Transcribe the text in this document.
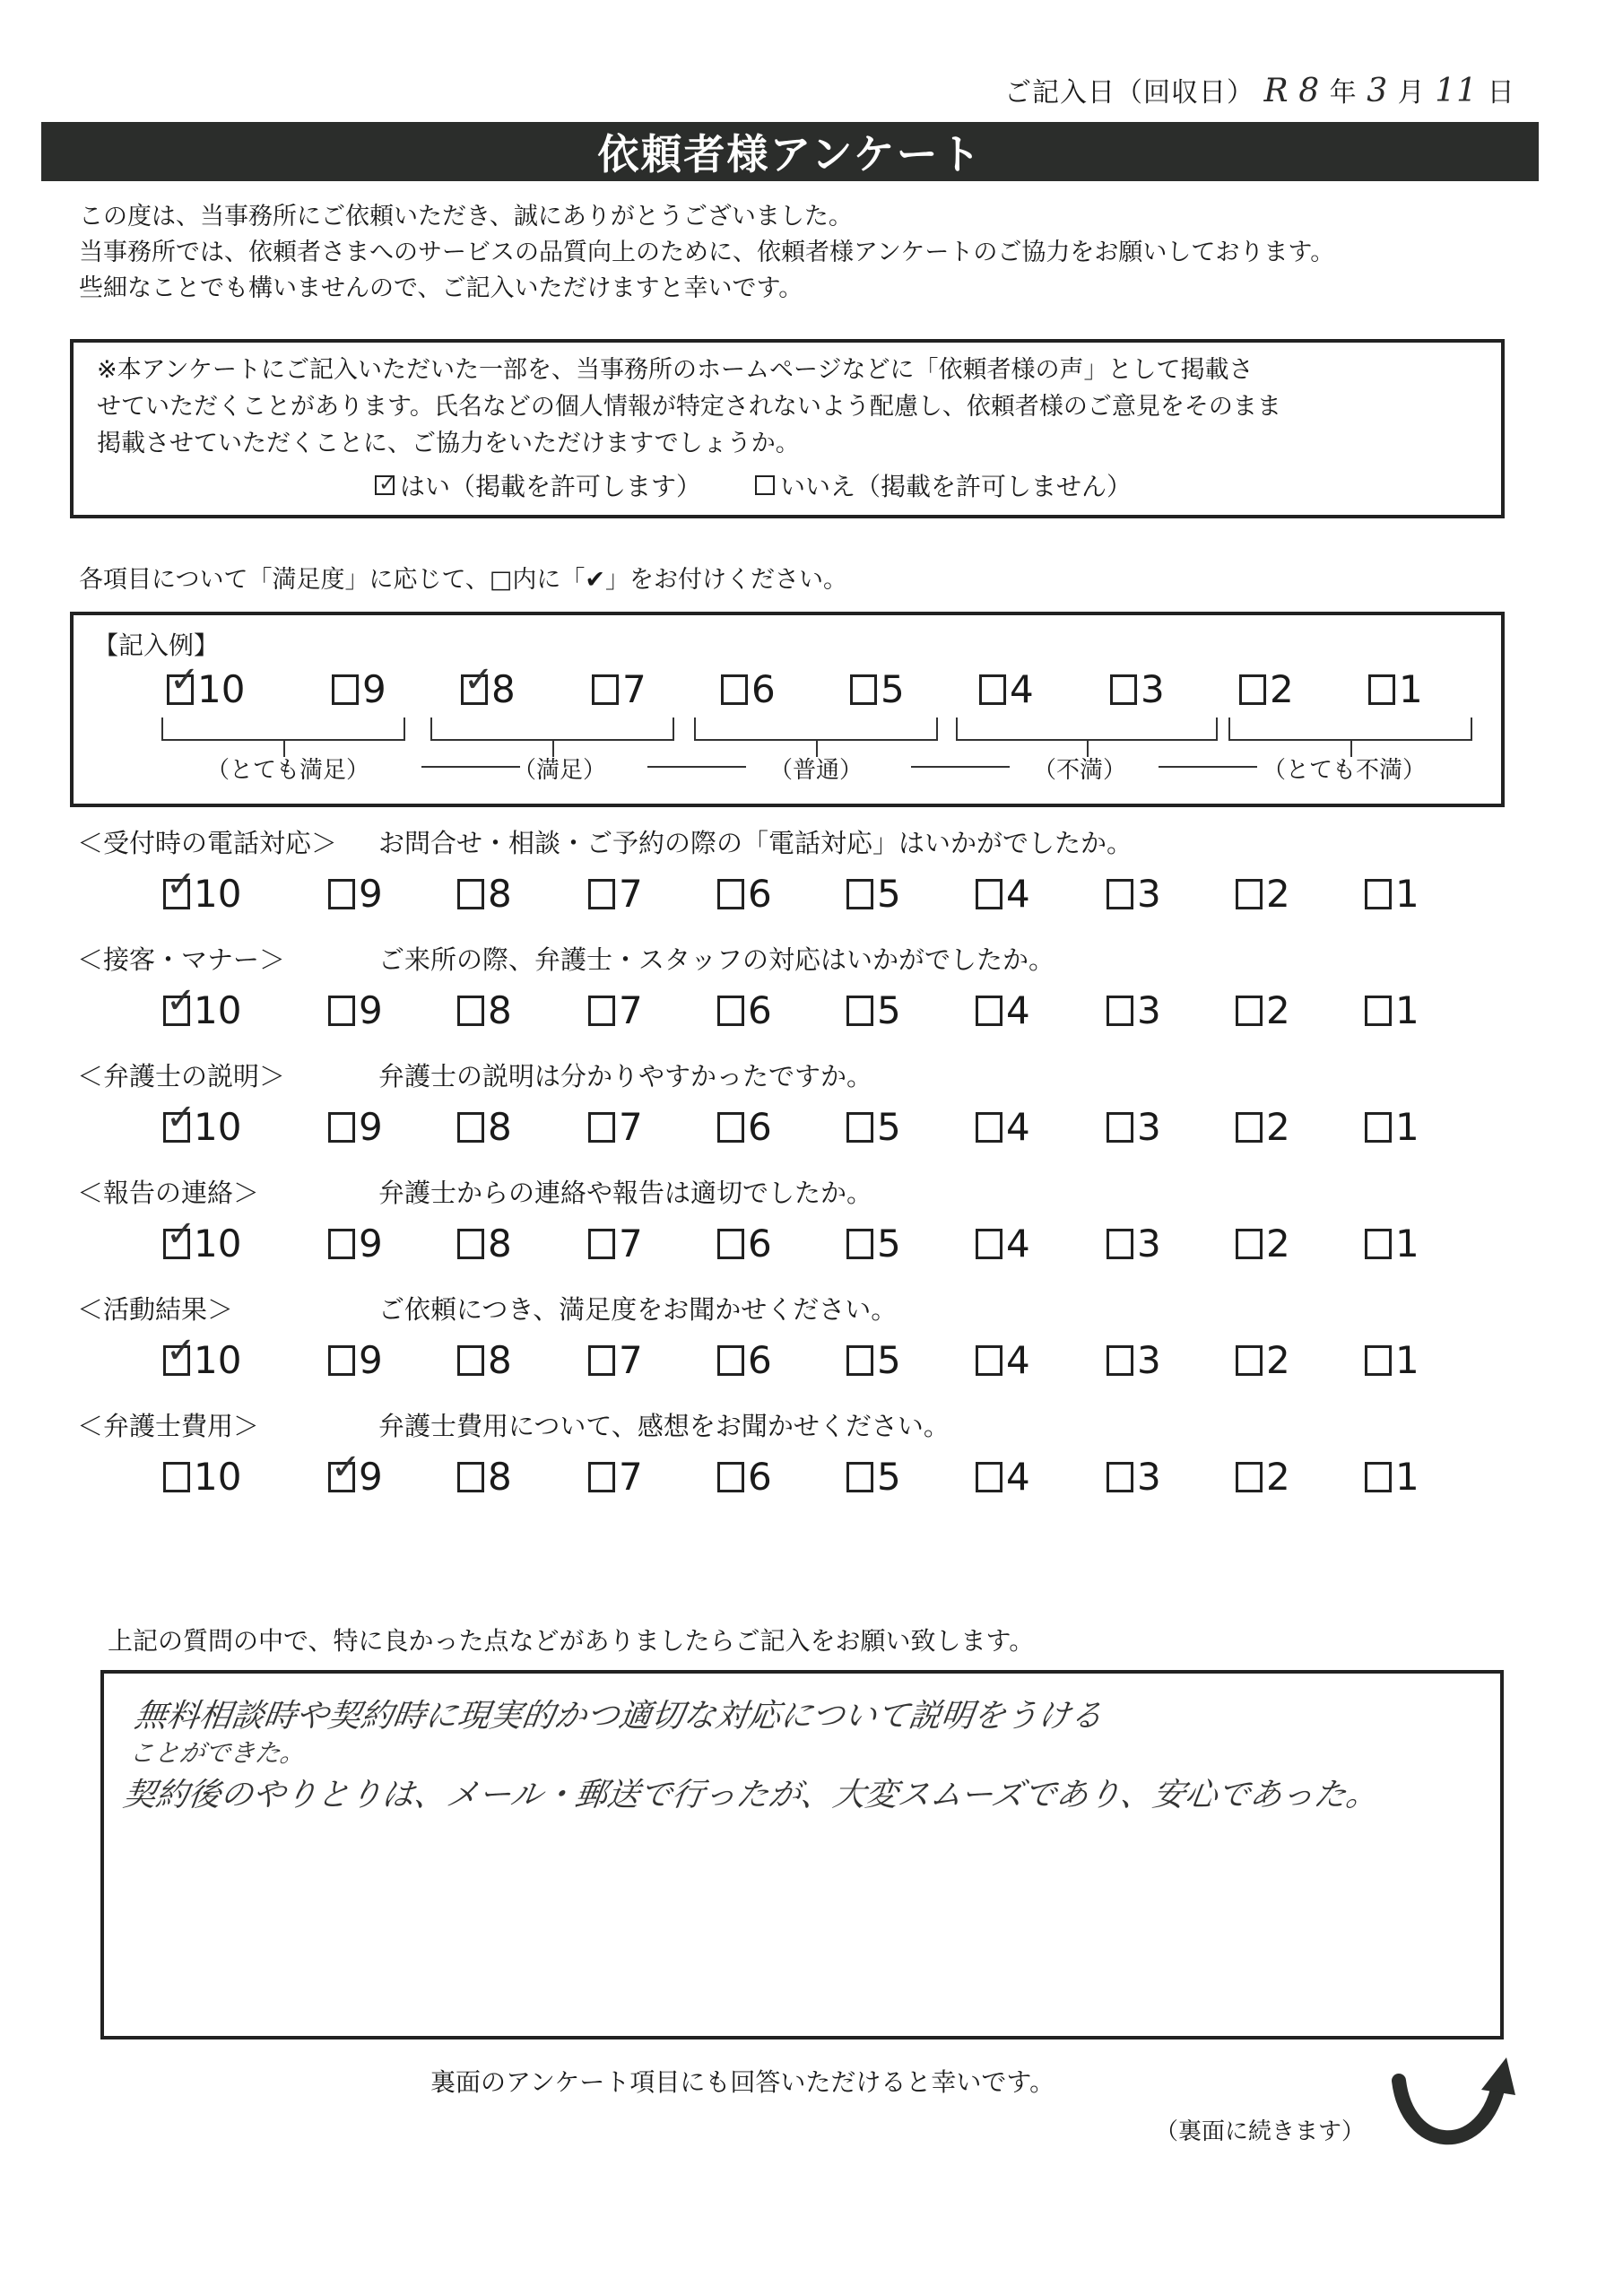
ご記入日（回収日） R 8 年 3 月 11 日
依頼者様アンケート
この度は、当事務所にご依頼いただき、誠にありがとうございました。
当事務所では、依頼者さまへのサービスの品質向上のために、依頼者様アンケートのご協力をお願いしております。
些細なことでも構いませんので、ご記入いただけますと幸いです。
※本アンケートにご記入いただいた一部を、当事務所のホームページなどに「依頼者様の声」として掲載さ
せていただくことがあります。氏名などの個人情報が特定されないよう配慮し、依頼者様のご意見をそのまま
掲載させていただくことに、ご協力をいただけますでしょうか。
✓ はい（掲載を許可します）	いいえ（掲載を許可しません）
各項目について「満足度」に応じて、□内に「✔」をお付けください。
【記入例】
✓
10	9 ✓
8	7	6	5	4	3	2	1
（とても満足）	（満足）	（普通）	（不満）	（とても不満）
＜受付時の電話対応＞ お問合せ・相談・ご予約の際の「電話対応」はいかがでしたか。
✓
10	9	8	7	6	5	4	3	2	1
＜接客・マナー＞	ご来所の際、弁護士・スタッフの対応はいかがでしたか。
✓
10	9	8	7	6	5	4	3	2	1
＜弁護士の説明＞	弁護士の説明は分かりやすかったですか。
✓
10	9	8	7	6	5	4	3	2	1
＜報告の連絡＞	弁護士からの連絡や報告は適切でしたか。
✓
10	9	8	7	6	5	4	3	2	1
＜活動結果＞	ご依頼につき、満足度をお聞かせください。
✓
10	9	8	7	6	5	4	3	2	1
＜弁護士費用＞	弁護士費用について、感想をお聞かせください。
10 ✓
9	8	7	6	5	4	3	2	1
上記の質問の中で、特に良かった点などがありましたらご記入をお願い致します。
無料相談時や契約時に現実的かつ適切な対応について説明をうける
ことができた。
契約後のやりとりは、メール・郵送で行ったが、大変スムーズであり、安心であった。
裏面のアンケート項目にも回答いただけると幸いです。
（裏面に続きます）
